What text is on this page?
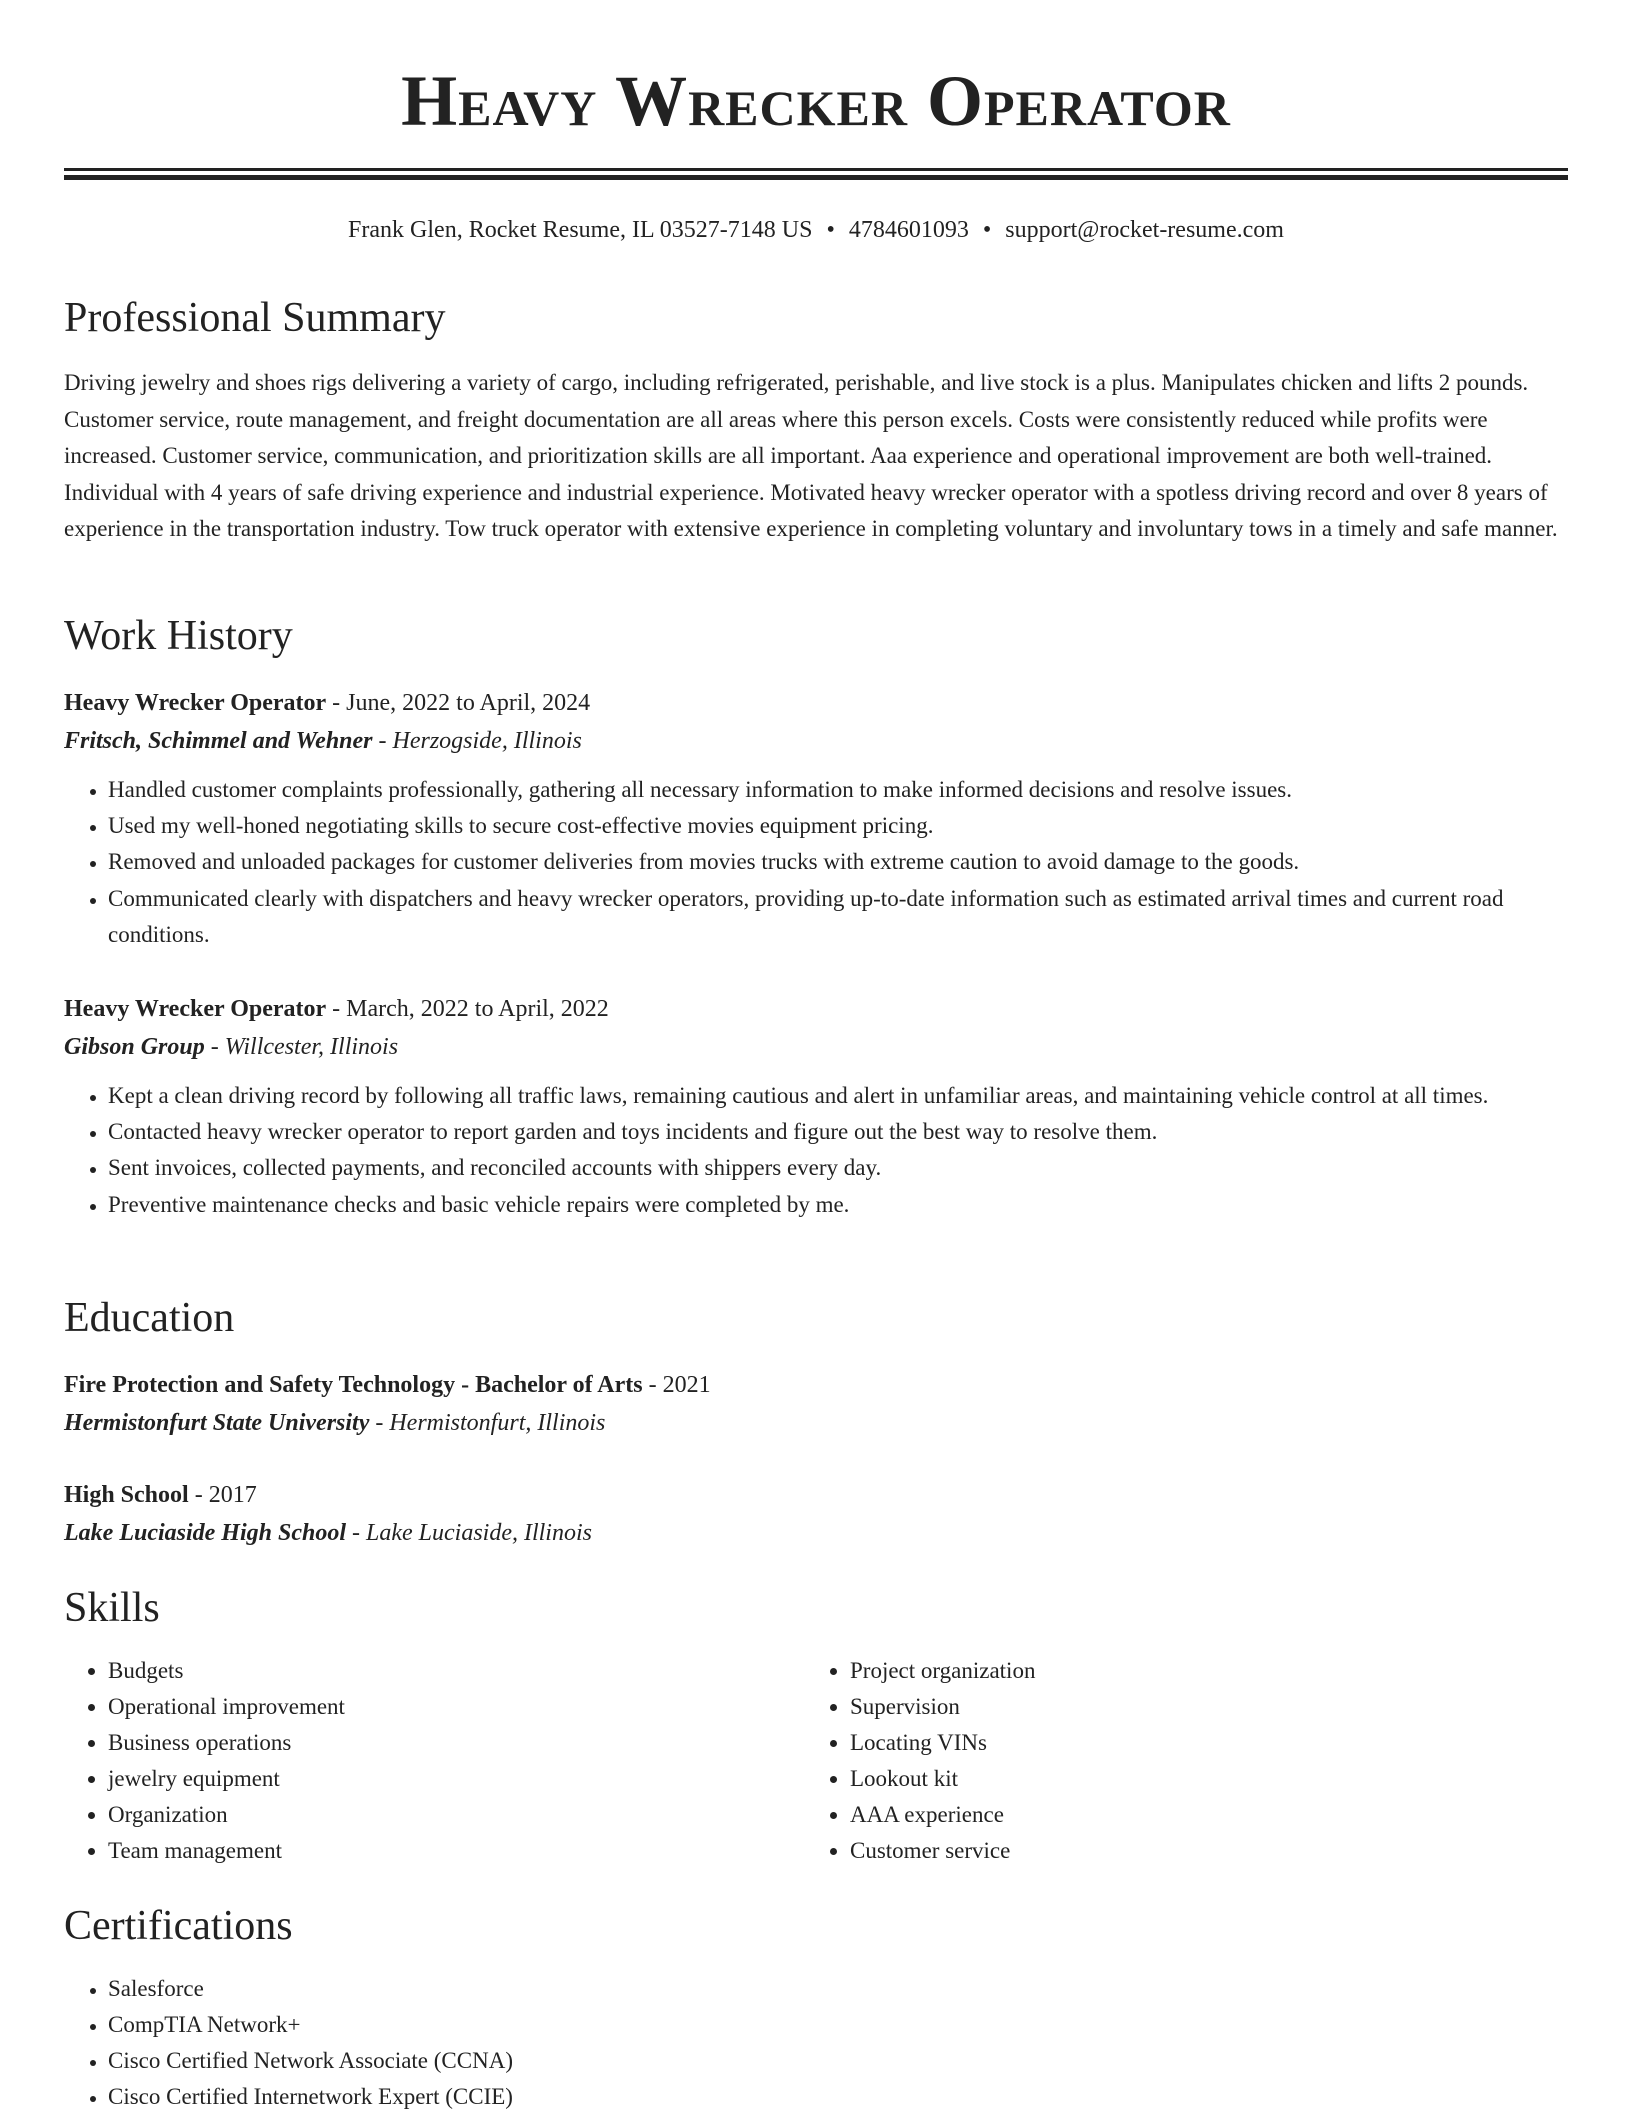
Heavy Wrecker Operator
Frank Glen, Rocket Resume, IL 03527-7148 US • 4784601093 • support@rocket-resume.com
Professional Summary

Driving jewelry and shoes rigs delivering a variety of cargo, including refrigerated, perishable, and live stock is a plus. Manipulates chicken and lifts 2 pounds. Customer service, route management, and freight documentation are all areas where this person excels. Costs were consistently reduced while profits were increased. Customer service, communication, and prioritization skills are all important. Aaa experience and operational improvement are both well-trained. Individual with 4 years of safe driving experience and industrial experience. Motivated heavy wrecker operator with a spotless driving record and over 8 years of experience in the transportation industry. Tow truck operator with extensive experience in completing voluntary and involuntary tows in a timely and safe manner.

Work History
Heavy Wrecker Operator - June, 2022 to April, 2024
Fritsch, Schimmel and Wehner - Herzogside, Illinois
• Handled customer complaints professionally, gathering all necessary information to make informed decisions and resolve issues.
• Used my well-honed negotiating skills to secure cost-effective movies equipment pricing.
• Removed and unloaded packages for customer deliveries from movies trucks with extreme caution to avoid damage to the goods.
• Communicated clearly with dispatchers and heavy wrecker operators, providing up-to-date information such as estimated arrival times and current road conditions.
Heavy Wrecker Operator - March, 2022 to April, 2022
Gibson Group - Willcester, Illinois
• Kept a clean driving record by following all traffic laws, remaining cautious and alert in unfamiliar areas, and maintaining vehicle control at all times.
• Contacted heavy wrecker operator to report garden and toys incidents and figure out the best way to resolve them.
• Sent invoices, collected payments, and reconciled accounts with shippers every day.
• Preventive maintenance checks and basic vehicle repairs were completed by me.
Education
Fire Protection and Safety Technology - Bachelor of Arts - 2021
Hermistonfurt State University - Hermistonfurt, Illinois
High School - 2017
Lake Luciaside High School - Lake Luciaside, Illinois
Skills
• Budgets
• Operational improvement
• Business operations
• jewelry equipment
• Organization
• Team management
• Project organization
• Supervision
• Locating VINs
• Lookout kit
• AAA experience
• Customer service
Certifications
• Salesforce
• CompTIA Network+
• Cisco Certified Network Associate (CCNA)
• Cisco Certified Internetwork Expert (CCIE)
